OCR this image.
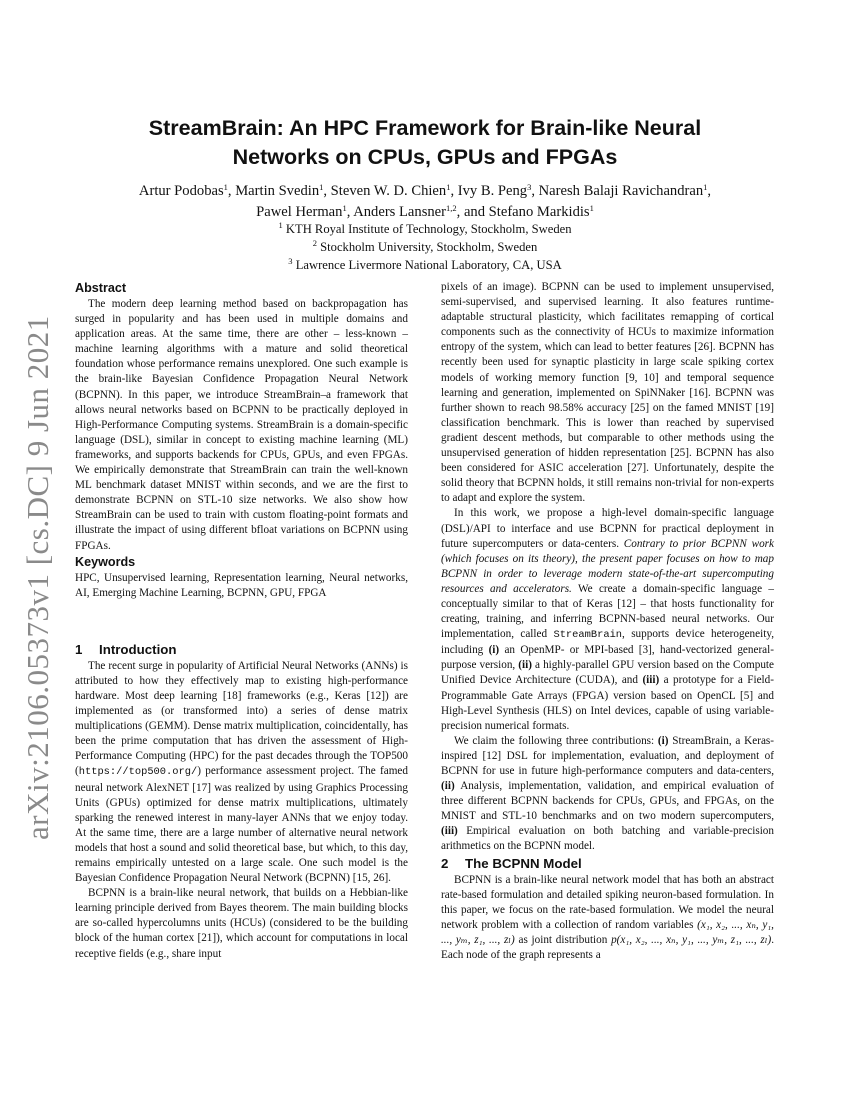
arXiv:2106.05373v1 [cs.DC] 9 Jun 2021
StreamBrain: An HPC Framework for Brain-like Neural Networks on CPUs, GPUs and FPGAs

Artur Podobas$^1$, Martin Svedin$^1$, Steven W. D. Chien$^1$, Ivy B. Peng$^3$, Naresh Balaji Ravichandran$^1$,

Pawel Herman$^1$, Anders Lansner$^{1,2}$, and Stefano Markidis$^1$

$^1$ KTH Royal Institute of Technology, Stockholm, Sweden

$^2$ Stockholm University, Stockholm, Sweden

$^3$ Lawrence Livermore National Laboratory, CA, USA

Abstract

The modern deep learning method based on backpropagation has surged in popularity and has been used in multiple domains and application areas. At the same time, there are other – less-known – machine learning algorithms with a mature and solid theoretical foundation whose performance remains unexplored. One such example is the brain-like Bayesian Confidence Propagation Neural Network (BCPNN). In this paper, we introduce StreamBrain–a framework that allows neural networks based on BCPNN to be practically deployed in High-Performance Computing systems. StreamBrain is a domain-specific language (DSL), similar in concept to existing machine learning (ML) frameworks, and supports backends for CPUs, GPUs, and even FPGAs. We empirically demonstrate that StreamBrain can train the well-known ML benchmark dataset MNIST within seconds, and we are the first to demonstrate BCPNN on STL-10 size networks. We also show how StreamBrain can be used to train with custom floating-point formats and illustrate the impact of using different bfloat variations on BCPNN using FPGAs.

Keywords

HPC, Unsupervised learning, Representation learning, Neural networks, AI, Emerging Machine Learning, BCPNN, GPU, FPGA

1 Introduction

The recent surge in popularity of Artificial Neural Networks (ANNs) is attributed to how they effectively map to existing high-performance hardware. Most deep learning [18] frameworks (e.g., Keras [12]) are implemented as (or transformed into) a series of dense matrix multiplications (GEMM). Dense matrix multiplication, coincidentally, has been the prime computation that has driven the assessment of High-Performance Computing (HPC) for the past decades through the TOP500 (https://top500.org/) performance assessment project. The famed neural network AlexNET [17] was realized by using Graphics Processing Units (GPUs) optimized for dense matrix multiplications, ultimately sparking the renewed interest in many-layer ANNs that we enjoy today. At the same time, there are a large number of alternative neural network models that host a sound and solid theoretical base, but which, to this day, remains empirically untested on a large scale. One such model is the Bayesian Confidence Propagation Neural Network (BCPNN) [15, 26].

BCPNN is a brain-like neural network, that builds on a Hebbian-like learning principle derived from Bayes theorem. The main building blocks are so-called hypercolumns units (HCUs) (considered to be the building block of the human cortex [21]), which account for computations in local receptive fields (e.g., share input

pixels of an image). BCPNN can be used to implement unsupervised, semi-supervised, and supervised learning. It also features runtime-adaptable structural plasticity, which facilitates remapping of cortical components such as the connectivity of HCUs to maximize information entropy of the system, which can lead to better features [26]. BCPNN has recently been used for synaptic plasticity in large scale spiking cortex models of working memory function [9, 10] and temporal sequence learning and generation, implemented on SpiNNaker [16]. BCPNN was further shown to reach 98.58% accuracy [25] on the famed MNIST [19] classification benchmark. This is lower than reached by supervised gradient descent methods, but comparable to other methods using the unsupervised generation of hidden representation [25]. BCPNN has also been considered for ASIC acceleration [27]. Unfortunately, despite the solid theory that BCPNN holds, it still remains non-trivial for non-experts to adapt and explore the system.

In this work, we propose a high-level domain-specific language (DSL)/API to interface and use BCPNN for practical deployment in future supercomputers or data-centers. Contrary to prior BCPNN work (which focuses on its theory), the present paper focuses on how to map BCPNN in order to leverage modern state-of-the-art supercomputing resources and accelerators. We create a domain-specific language – conceptually similar to that of Keras [12] – that hosts functionality for creating, training, and inferring BCPNN-based neural networks. Our implementation, called StreamBrain, supports device heterogeneity, including (i) an OpenMP- or MPI-based [3], hand-vectorized general-purpose version, (ii) a highly-parallel GPU version based on the Compute Unified Device Architecture (CUDA), and (iii) a prototype for a Field-Programmable Gate Arrays (FPGA) version based on OpenCL [5] and High-Level Synthesis (HLS) on Intel devices, capable of using variable-precision numerical formats.

We claim the following three contributions: (i) StreamBrain, a Keras-inspired [12] DSL for implementation, evaluation, and deployment of BCPNN for use in future high-performance computers and data-centers, (ii) Analysis, implementation, validation, and empirical evaluation of three different BCPNN backends for CPUs, GPUs, and FPGAs, on the MNIST and STL-10 benchmarks and on two modern supercomputers, (iii) Empirical evaluation on both batching and variable-precision arithmetics on the BCPNN model.

2 The BCPNN Model

BCPNN is a brain-like neural network model that has both an abstract rate-based formulation and detailed spiking neuron-based formulation. In this paper, we focus on the rate-based formulation. We model the neural network problem with a collection of random variables (x₁, x₂, ..., xₙ, y₁, ..., yₘ, z₁, ..., zₗ) as joint distribution p(x₁, x₂, ..., xₙ, y₁, ..., yₘ, z₁, ..., zₗ). Each node of the graph represents a
